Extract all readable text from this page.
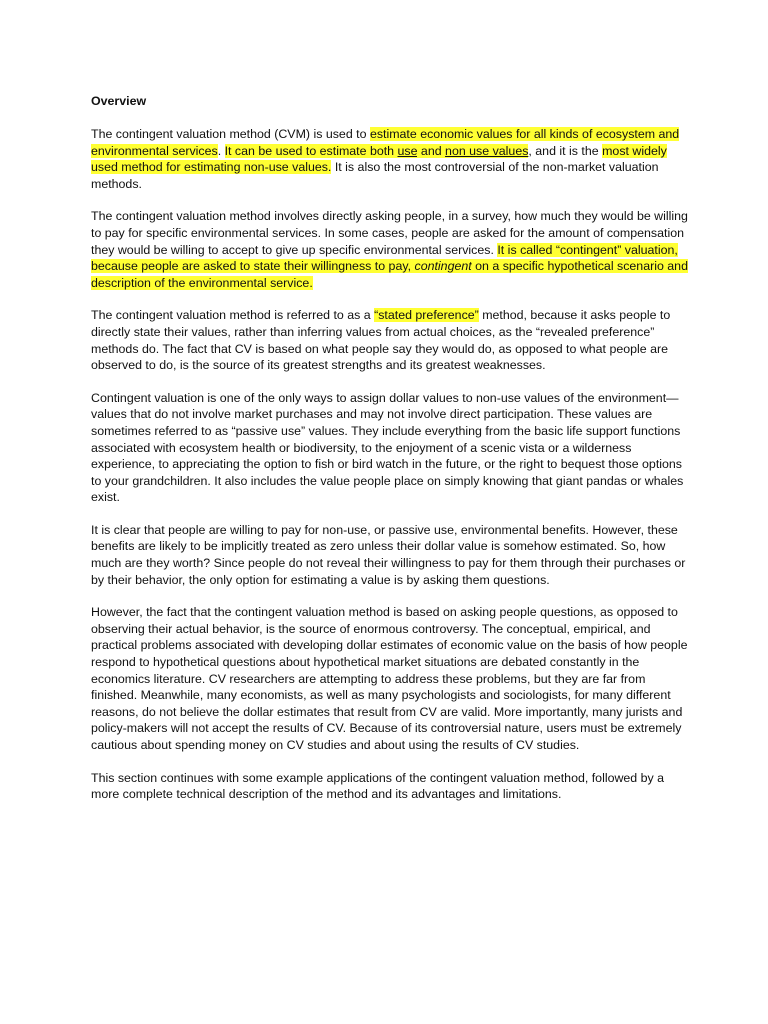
Overview

The contingent valuation method (CVM) is used to estimate economic values for all kinds of ecosystem and environmental services. It can be used to estimate both use and non use values, and it is the most widely used method for estimating non-use values. It is also the most controversial of the non-market valuation methods.

The contingent valuation method involves directly asking people, in a survey, how much they would be willing to pay for specific environmental services. In some cases, people are asked for the amount of compensation they would be willing to accept to give up specific environmental services. It is called “contingent” valuation, because people are asked to state their willingness to pay, contingent on a specific hypothetical scenario and description of the environmental service.

The contingent valuation method is referred to as a “stated preference” method, because it asks people to directly state their values, rather than inferring values from actual choices, as the “revealed preference” methods do. The fact that CV is based on what people say they would do, as opposed to what people are observed to do, is the source of its greatest strengths and its greatest weaknesses.

Contingent valuation is one of the only ways to assign dollar values to non-use values of the environment—values that do not involve market purchases and may not involve direct participation. These values are sometimes referred to as “passive use” values. They include everything from the basic life support functions associated with ecosystem health or biodiversity, to the enjoyment of a scenic vista or a wilderness experience, to appreciating the option to fish or bird watch in the future, or the right to bequest those options to your grandchildren. It also includes the value people place on simply knowing that giant pandas or whales exist.

It is clear that people are willing to pay for non-use, or passive use, environmental benefits. However, these benefits are likely to be implicitly treated as zero unless their dollar value is somehow estimated. So, how much are they worth? Since people do not reveal their willingness to pay for them through their purchases or by their behavior, the only option for estimating a value is by asking them questions.

However, the fact that the contingent valuation method is based on asking people questions, as opposed to observing their actual behavior, is the source of enormous controversy. The conceptual, empirical, and practical problems associated with developing dollar estimates of economic value on the basis of how people respond to hypothetical questions about hypothetical market situations are debated constantly in the economics literature. CV researchers are attempting to address these problems, but they are far from finished. Meanwhile, many economists, as well as many psychologists and sociologists, for many different reasons, do not believe the dollar estimates that result from CV are valid. More importantly, many jurists and policy-makers will not accept the results of CV. Because of its controversial nature, users must be extremely cautious about spending money on CV studies and about using the results of CV studies.

This section continues with some example applications of the contingent valuation method, followed by a more complete technical description of the method and its advantages and limitations.
